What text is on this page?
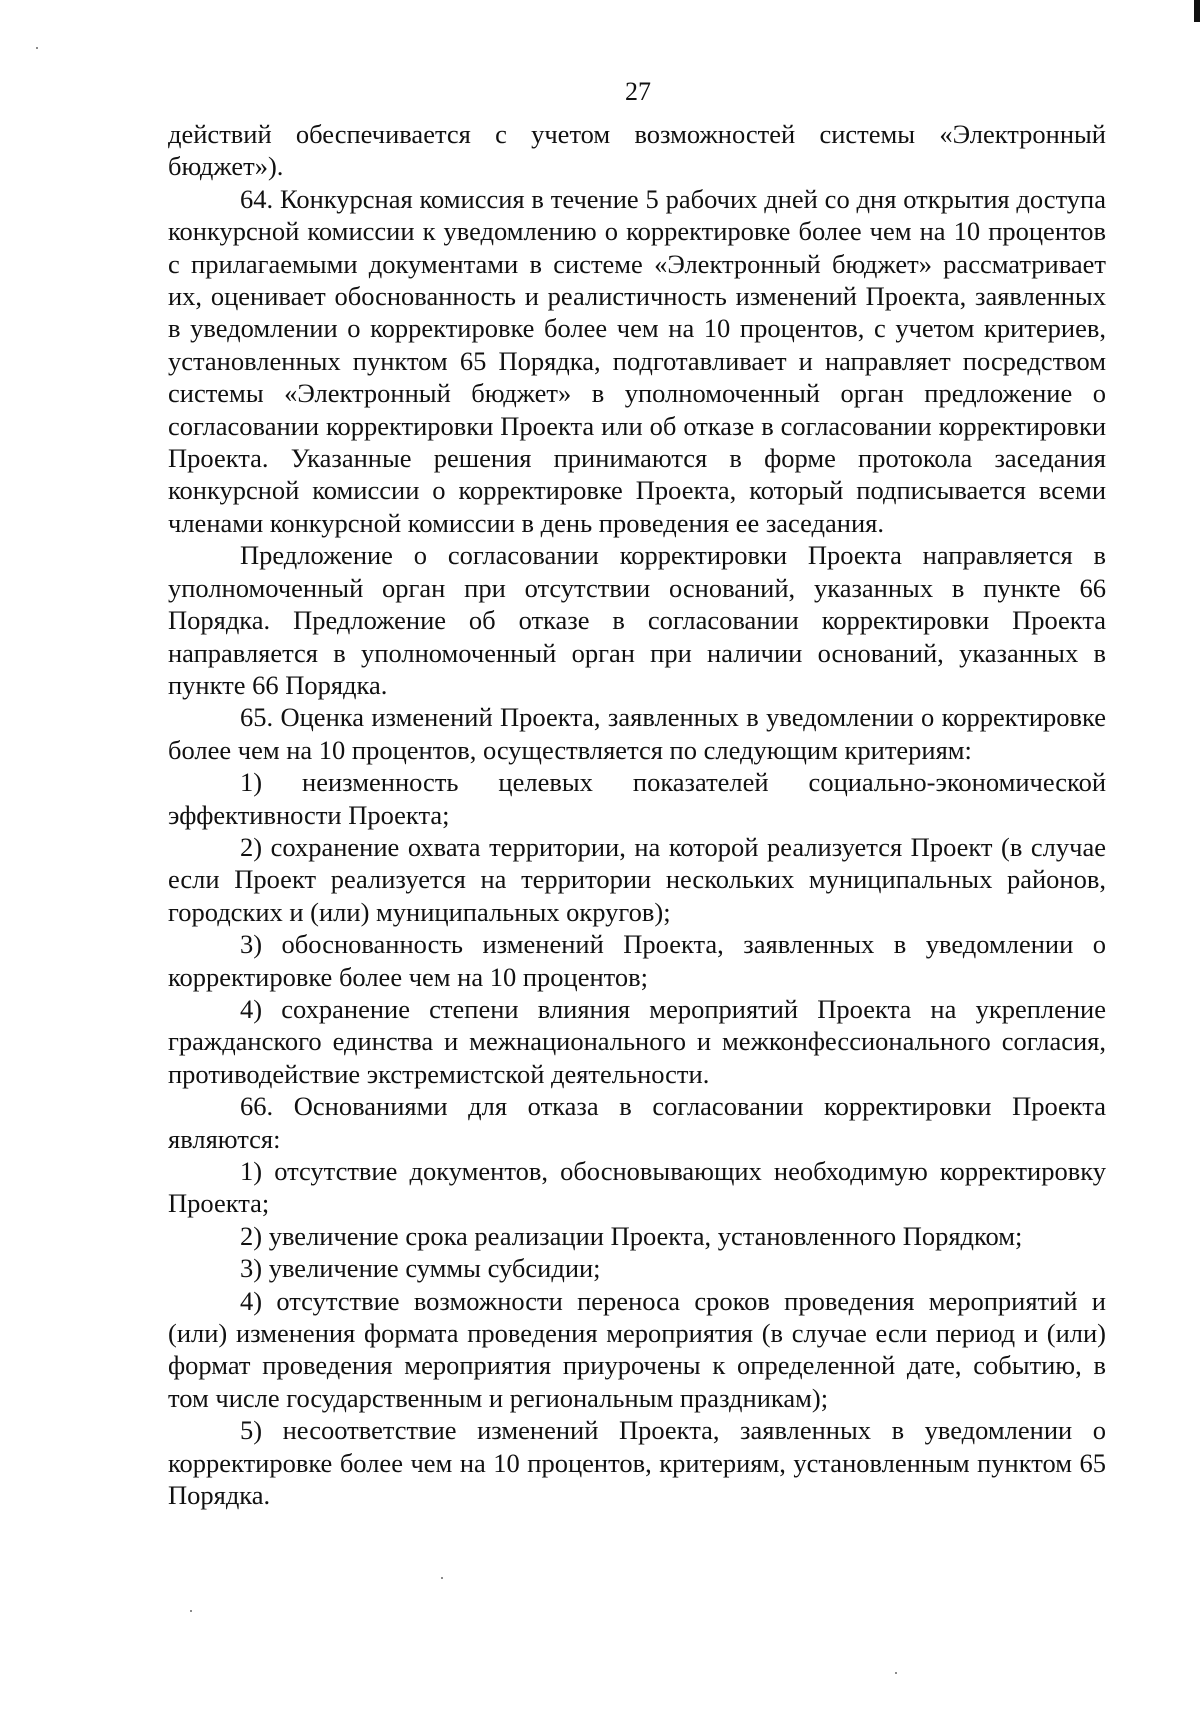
27

действий обеспечивается с учетом возможностей системы «Электронный бюджет»).

64. Конкурсная комиссия в течение 5 рабочих дней со дня открытия доступа конкурсной комиссии к уведомлению о корректировке более чем на 10 процентов с прилагаемыми документами в системе «Электронный бюджет» рассматривает их, оценивает обоснованность и реалистичность изменений Проекта, заявленных в уведомлении о корректировке более чем на 10 процентов, с учетом критериев, установленных пунктом 65 Порядка, подготавливает и направляет посредством системы «Электронный бюджет» в уполномоченный орган предложение о согласовании корректировки Проекта или об отказе в согласовании корректировки Проекта. Указанные решения принимаются в форме протокола заседания конкурсной комиссии о корректировке Проекта, который подписывается всеми членами конкурсной комиссии в день проведения ее заседания.

Предложение о согласовании корректировки Проекта направляется в уполномоченный орган при отсутствии оснований, указанных в пункте 66 Порядка. Предложение об отказе в согласовании корректировки Проекта направляется в уполномоченный орган при наличии оснований, указанных в пункте 66 Порядка.

65. Оценка изменений Проекта, заявленных в уведомлении о корректировке более чем на 10 процентов, осуществляется по следующим критериям:

1) неизменность целевых показателей социально-экономической эффективности Проекта;

2) сохранение охвата территории, на которой реализуется Проект (в случае если Проект реализуется на территории нескольких муниципальных районов, городских и (или) муниципальных округов);

3) обоснованность изменений Проекта, заявленных в уведомлении о корректировке более чем на 10 процентов;

4) сохранение степени влияния мероприятий Проекта на укрепление гражданского единства и межнационального и межконфессионального согласия, противодействие экстремистской деятельности.

66. Основаниями для отказа в согласовании корректировки Проекта являются:

1) отсутствие документов, обосновывающих необходимую корректировку Проекта;

2) увеличение срока реализации Проекта, установленного Порядком;

3) увеличение суммы субсидии;

4) отсутствие возможности переноса сроков проведения мероприятий и (или) изменения формата проведения мероприятия (в случае если период и (или) формат проведения мероприятия приурочены к определенной дате, событию, в том числе государственным и региональным праздникам);

5) несоответствие изменений Проекта, заявленных в уведомлении о корректировке более чем на 10 процентов, критериям, установленным пунктом 65 Порядка.
